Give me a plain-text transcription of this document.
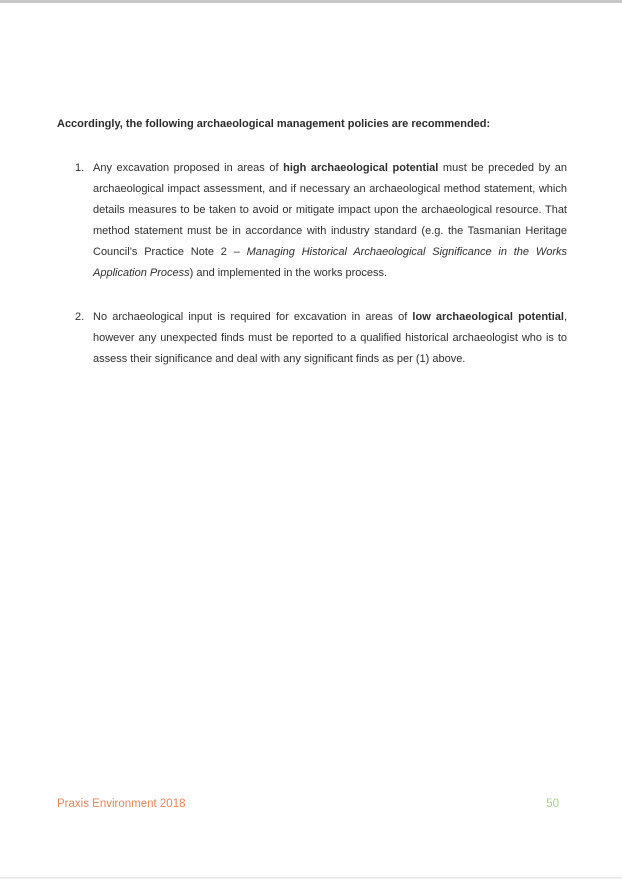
Accordingly, the following archaeological management policies are recommended:

1. Any excavation proposed in areas of high archaeological potential must be preceded by an archaeological impact assessment, and if necessary an archaeological method statement, which details measures to be taken to avoid or mitigate impact upon the archaeological resource. That method statement must be in accordance with industry standard (e.g. the Tasmanian Heritage Council’s Practice Note 2 – Managing Historical Archaeological Significance in the Works Application Process) and implemented in the works process.
2. No archaeological input is required for excavation in areas of low archaeological potential, however any unexpected finds must be reported to a qualified historical archaeologist who is to assess their significance and deal with any significant finds as per (1) above.
Praxis Environment 2018	50
